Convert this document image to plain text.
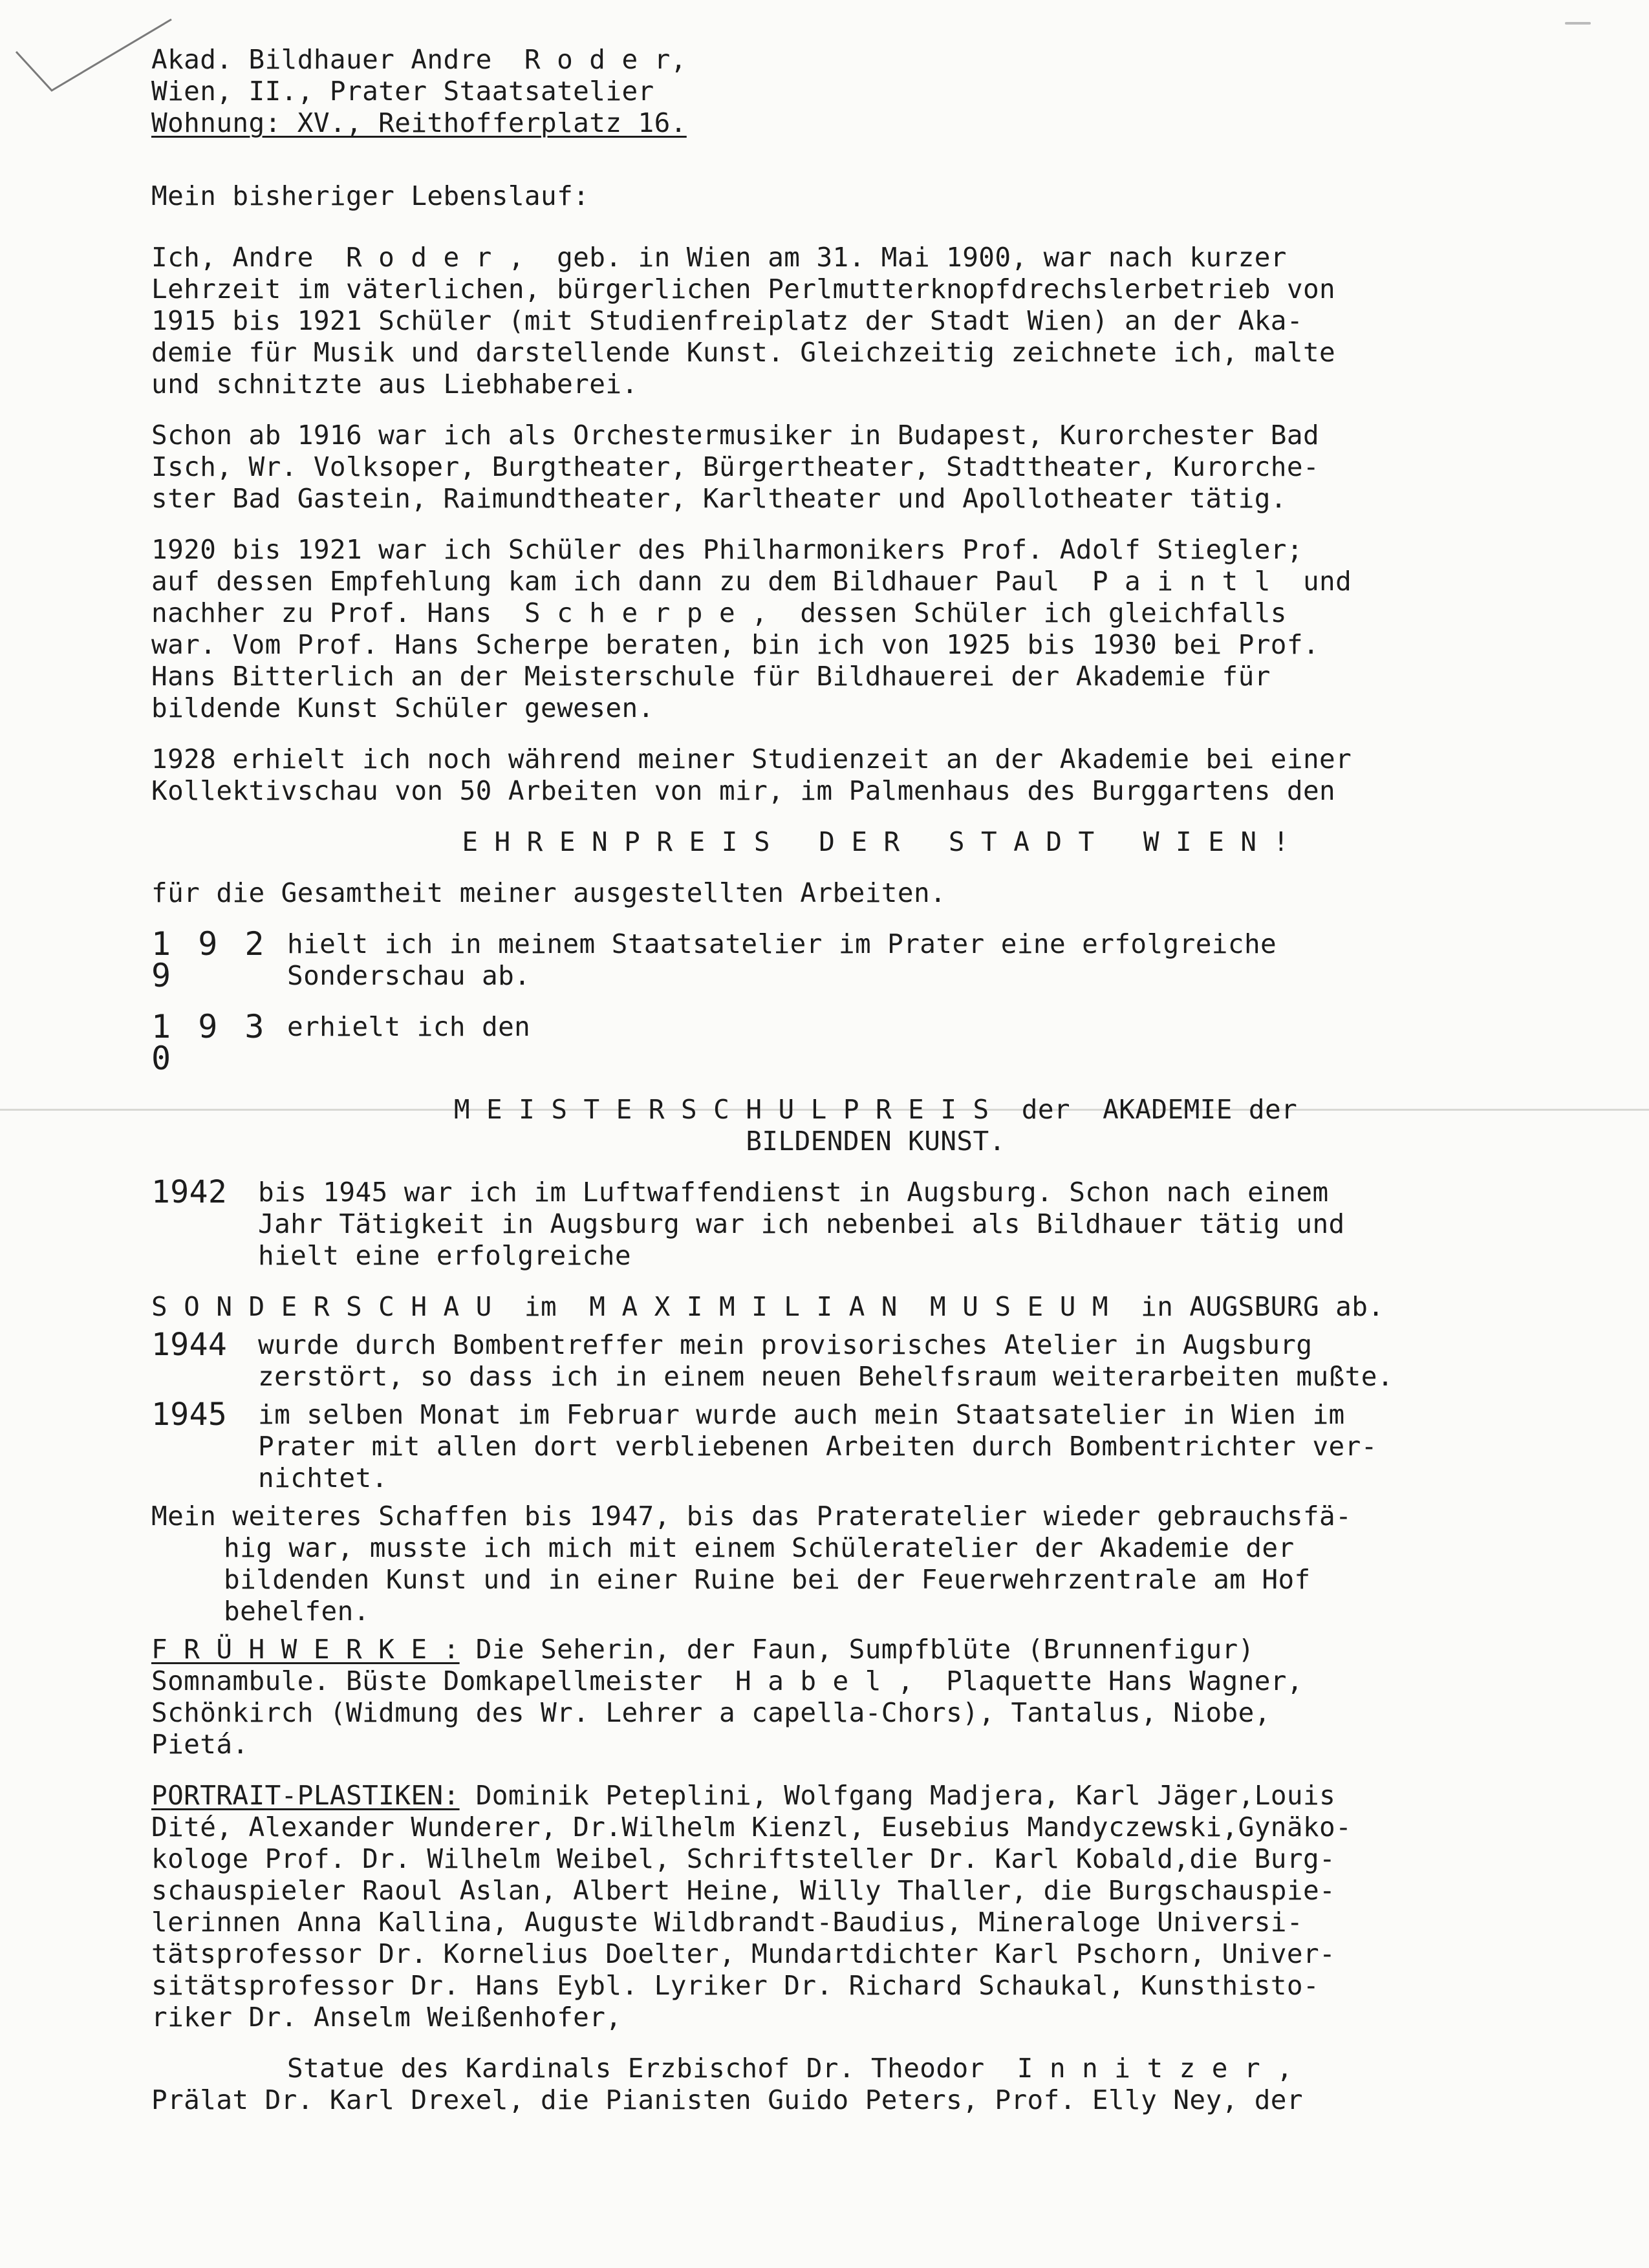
Akad. Bildhauer Andre  R o d e r,
Wien, II., Prater Staatsatelier
Wohnung: XV., Reithofferplatz 16.
Mein bisheriger Lebenslauf:
Ich, Andre  R o d e r ,  geb. in Wien am 31. Mai 1900, war nach kurzer
Lehrzeit im väterlichen, bürgerlichen Perlmutterknopfdrechslerbetrieb von
1915 bis 1921 Schüler (mit Studienfreiplatz der Stadt Wien) an der Aka-
demie für Musik und darstellende Kunst. Gleichzeitig zeichnete ich, malte
und schnitzte aus Liebhaberei.
Schon ab 1916 war ich als Orchestermusiker in Budapest, Kurorchester Bad
Isch, Wr. Volksoper, Burgtheater, Bürgertheater, Stadttheater, Kurorche-
ster Bad Gastein, Raimundtheater, Karltheater und Apollotheater tätig.
1920 bis 1921 war ich Schüler des Philharmonikers Prof. Adolf Stiegler;
auf dessen Empfehlung kam ich dann zu dem Bildhauer Paul  P a i n t l  und
nachher zu Prof. Hans  S c h e r p e ,  dessen Schüler ich gleichfalls
war. Vom Prof. Hans Scherpe beraten, bin ich von 1925 bis 1930 bei Prof.
Hans Bitterlich an der Meisterschule für Bildhauerei der Akademie für
bildende Kunst Schüler gewesen.
1928 erhielt ich noch während meiner Studienzeit an der Akademie bei einer
Kollektivschau von 50 Arbeiten von mir, im Palmenhaus des Burggartens den
E H R E N P R E I S   D E R   S T A D T   W I E N !
für die Gesamtheit meiner ausgestellten Arbeiten.
1 9 2 9
hielt ich in meinem Staatsatelier im Prater eine erfolgreiche
Sonderschau ab.
1 9 3 0
erhielt ich den
M E I S T E R S C H U L P R E I S  der  AKADEMIE der
BILDENDEN KUNST.
1942	bis 1945 war ich im Luftwaffendienst in Augsburg. Schon nach einem
Jahr Tätigkeit in Augsburg war ich nebenbei als Bildhauer tätig und
hielt eine erfolgreiche
S O N D E R S C H A U  im  M A X I M I L I A N  M U S E U M  in AUGSBURG ab.
1944	wurde durch Bombentreffer mein provisorisches Atelier in Augsburg
zerstört, so dass ich in einem neuen Behelfsraum weiterarbeiten mußte.
1945	im selben Monat im Februar wurde auch mein Staatsatelier in Wien im
Prater mit allen dort verbliebenen Arbeiten durch Bombentrichter ver-
nichtet.
Mein weiteres Schaffen bis 1947, bis das Prateratelier wieder gebrauchsfä-
hig war, musste ich mich mit einem Schüleratelier der Akademie der
bildenden Kunst und in einer Ruine bei der Feuerwehrzentrale am Hof
behelfen.
F R Ü H W E R K E : Die Seherin, der Faun, Sumpfblüte (Brunnenfigur)
Somnambule. Büste Domkapellmeister  H a b e l ,  Plaquette Hans Wagner,
Schönkirch (Widmung des Wr. Lehrer a capella-Chors), Tantalus, Niobe,
Pietá.
PORTRAIT-PLASTIKEN: Dominik Peteplini, Wolfgang Madjera, Karl Jäger,Louis
Dité, Alexander Wunderer, Dr.Wilhelm Kienzl, Eusebius Mandyczewski,Gynäko-
kologe Prof. Dr. Wilhelm Weibel, Schriftsteller Dr. Karl Kobald,die Burg-
schauspieler Raoul Aslan, Albert Heine, Willy Thaller, die Burgschauspie-
lerinnen Anna Kallina, Auguste Wildbrandt-Baudius, Mineraloge Universi-
tätsprofessor Dr. Kornelius Doelter, Mundartdichter Karl Pschorn, Univer-
sitätsprofessor Dr. Hans Eybl. Lyriker Dr. Richard Schaukal, Kunsthisto-
riker Dr. Anselm Weißenhofer,
Statue des Kardinals Erzbischof Dr. Theodor  I n n i t z e r ,
Prälat Dr. Karl Drexel, die Pianisten Guido Peters, Prof. Elly Ney, der
